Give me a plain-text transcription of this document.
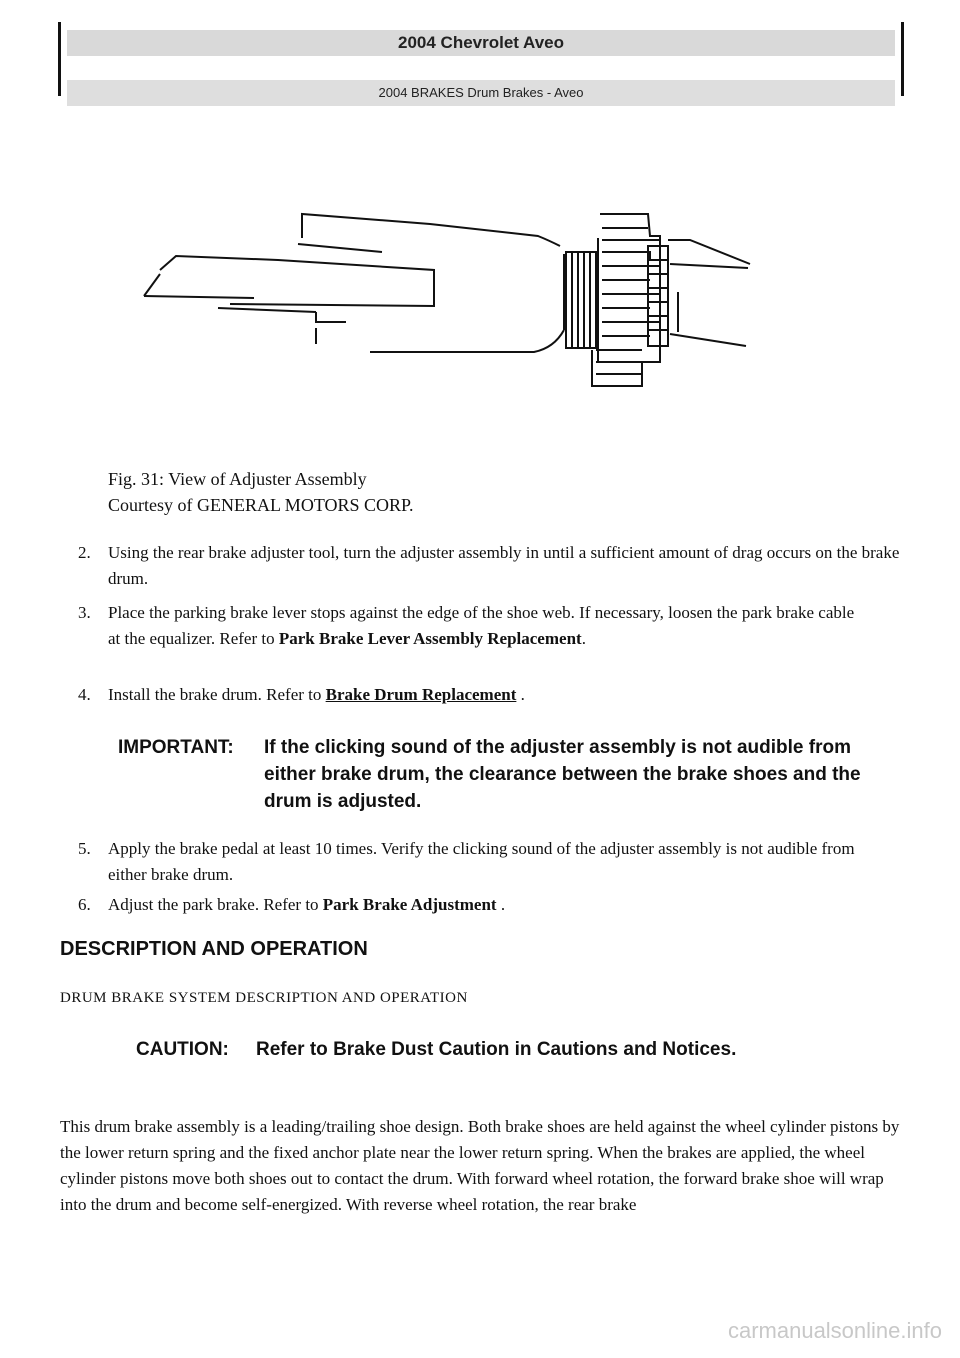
2004 Chevrolet Aveo
2004 BRAKES Drum Brakes - Aveo
Fig. 31: View of Adjuster Assembly
Courtesy of GENERAL MOTORS CORP.
2.	Using the rear brake adjuster tool, turn the adjuster assembly in until a sufficient amount of drag occurs on the brake drum.
3.	Place the parking brake lever stops against the edge of the shoe web. If necessary, loosen the park brake cable at the equalizer. Refer to Park Brake Lever Assembly Replacement.
4.	Install the brake drum. Refer to Brake Drum Replacement .
IMPORTANT: If the clicking sound of the adjuster assembly is not audible from either brake drum, the clearance between the brake shoes and the drum is adjusted.
5.	Apply the brake pedal at least 10 times. Verify the clicking sound of the adjuster assembly is not audible from either brake drum.
6.	Adjust the park brake. Refer to Park Brake Adjustment .
DESCRIPTION AND OPERATION
DRUM BRAKE SYSTEM DESCRIPTION AND OPERATION
CAUTION: Refer to Brake Dust Caution in Cautions and Notices.
This drum brake assembly is a leading/trailing shoe design. Both brake shoes are held against the wheel cylinder pistons by the lower return spring and the fixed anchor plate near the lower return spring. When the brakes are applied, the wheel cylinder pistons move both shoes out to contact the drum. With forward wheel rotation, the forward brake shoe will wrap into the drum and become self-energized. With reverse wheel rotation, the rear brake
carmanualsonline.info
